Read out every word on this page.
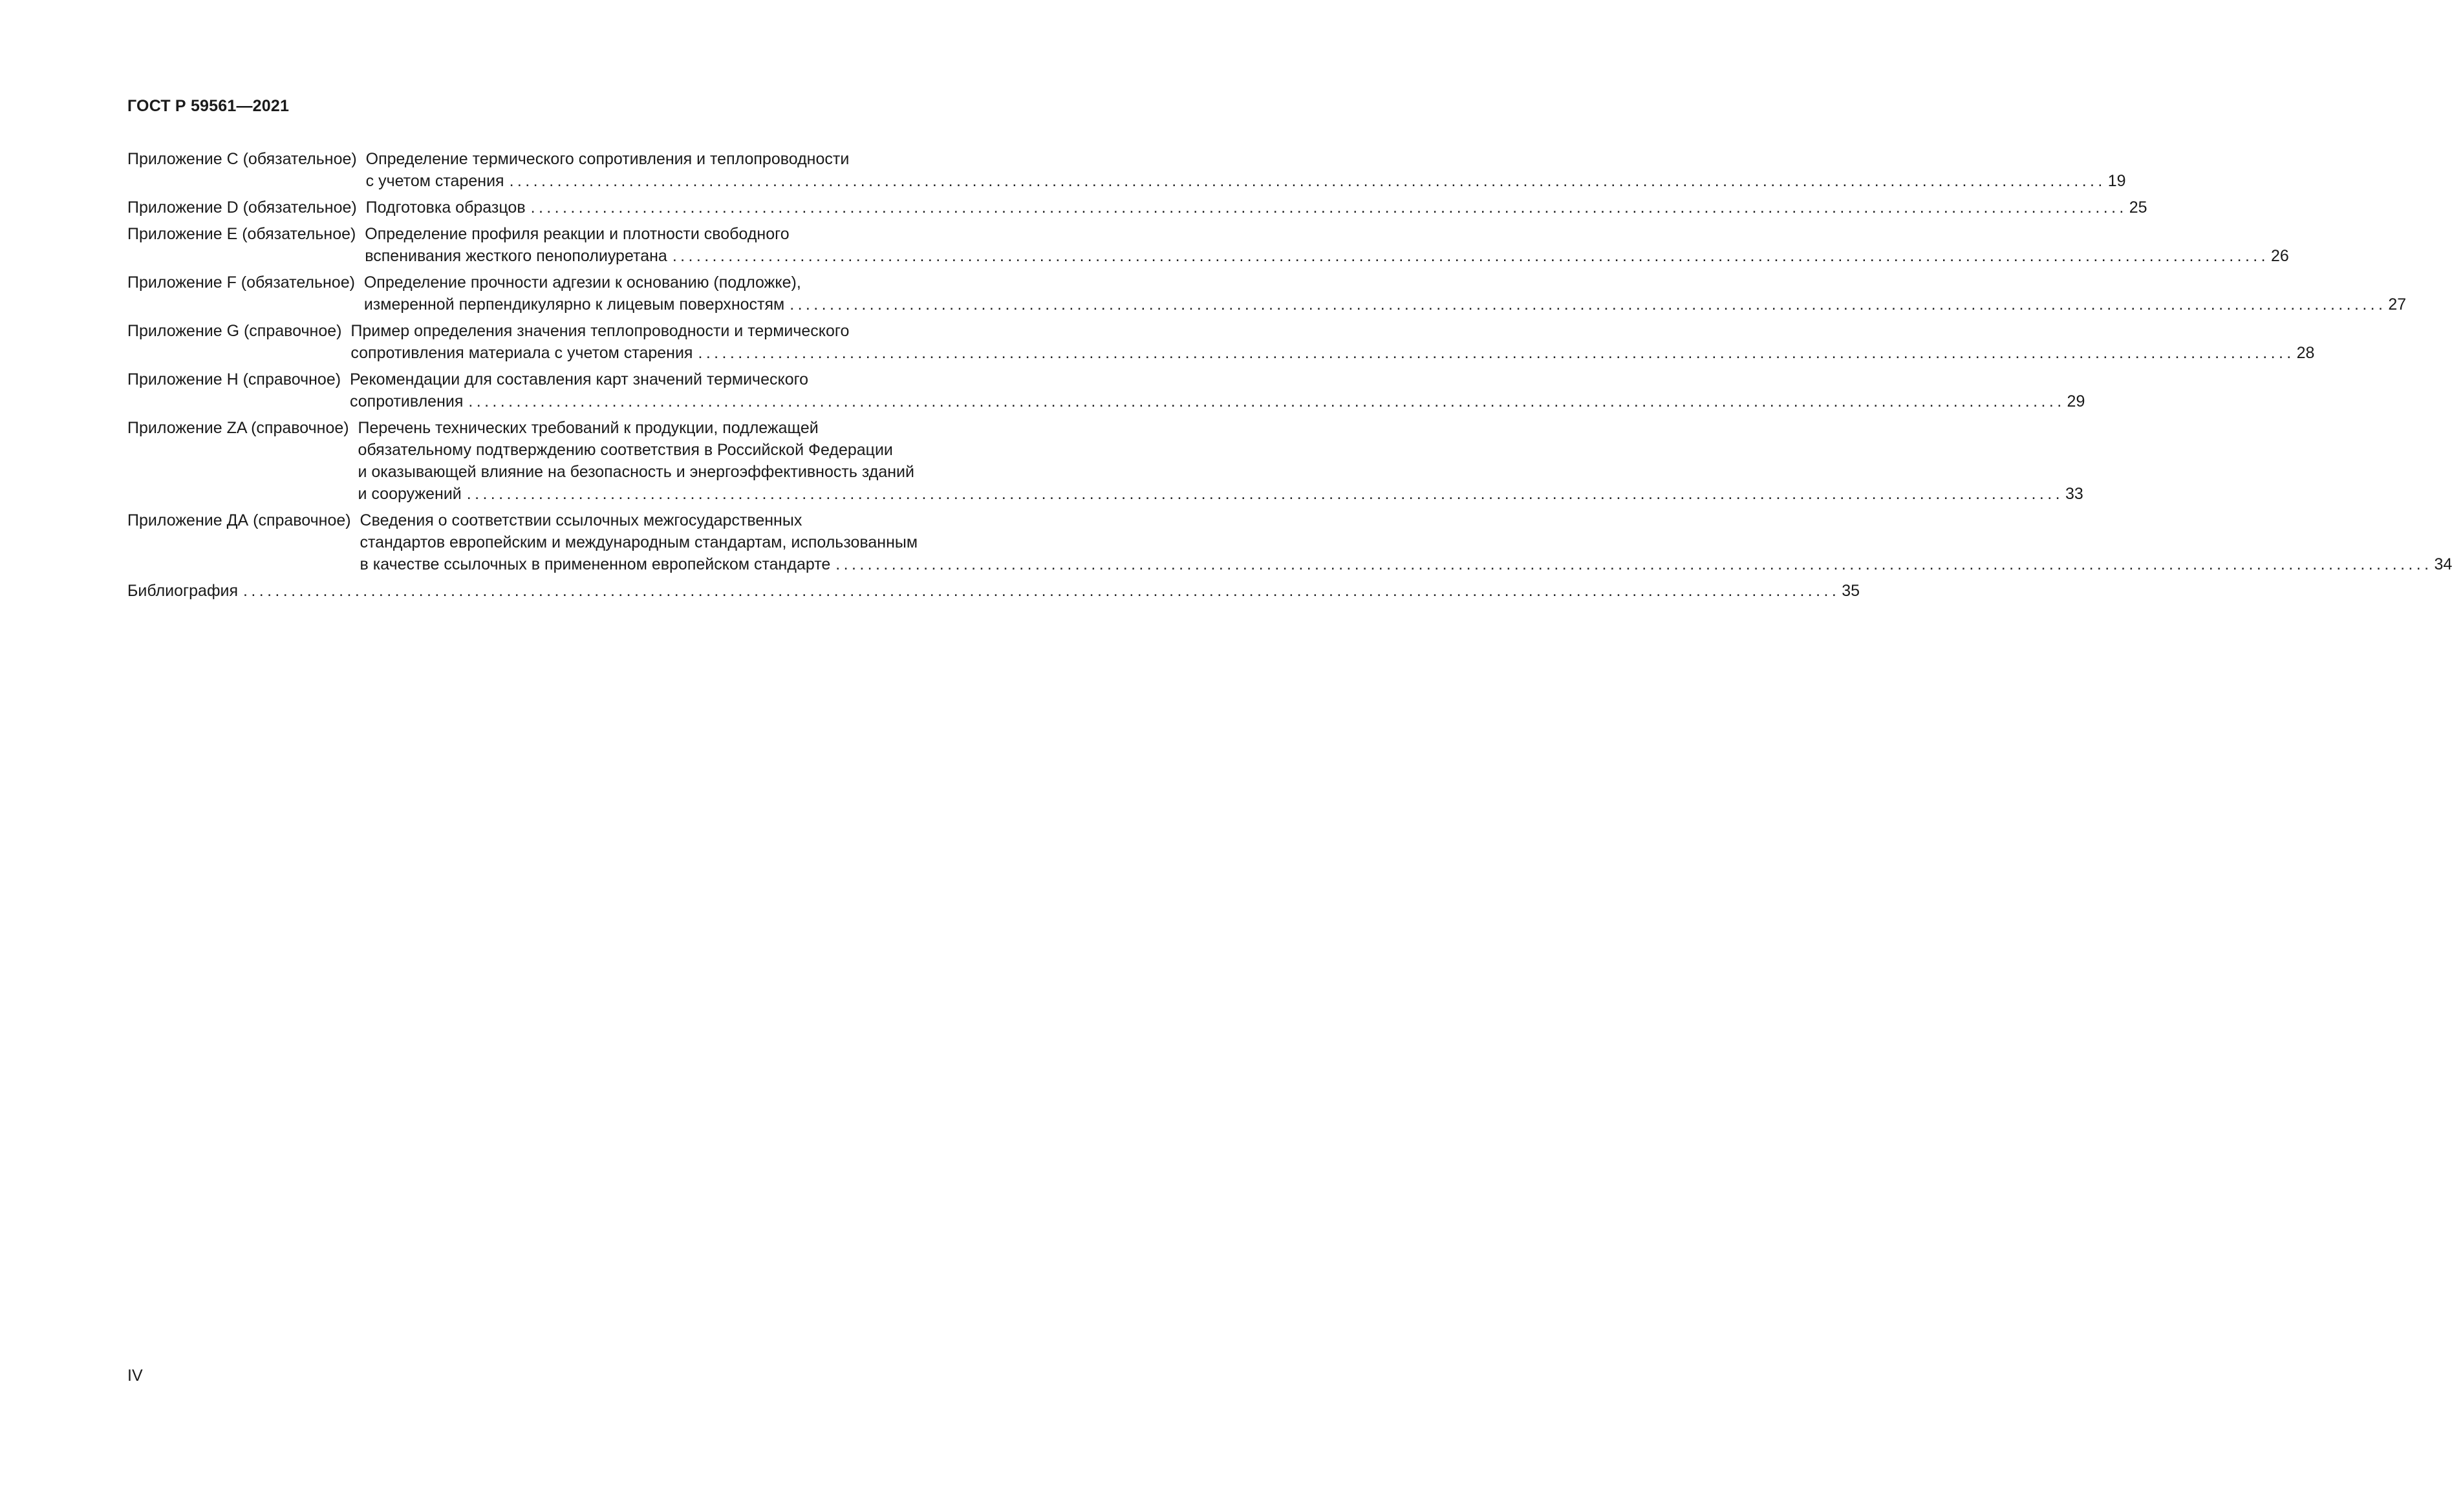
ГОСТ Р 59561—2021
Приложение С (обязательное) Определение термического сопротивления и теплопроводности
с учетом старения ........................................................................................................................................................................................................ 19
Приложение D (обязательное) Подготовка образцов ........................................................................................................................................................................................................ 25
Приложение E (обязательное) Определение профиля реакции и плотности свободного
вспенивания жесткого пенополиуретана ........................................................................................................................................................................................................ 26
Приложение F (обязательное) Определение прочности адгезии к основанию (подложке),
измеренной перпендикулярно к лицевым поверхностям ........................................................................................................................................................................................................ 27
Приложение G (справочное) Пример определения значения теплопроводности и термического
сопротивления материала с учетом старения ........................................................................................................................................................................................................ 28
Приложение H (справочное) Рекомендации для составления карт значений термического
сопротивления ........................................................................................................................................................................................................ 29
Приложение ZA (справочное) Перечень технических требований к продукции, подлежащей
обязательному подтверждению соответствия в Российской Федерации
и оказывающей влияние на безопасность и энергоэффективность зданий
и сооружений ........................................................................................................................................................................................................ 33
Приложение ДА (справочное) Сведения о соответствии ссылочных межгосударственных
стандартов европейским и международным стандартам, использованным
в качестве ссылочных в примененном европейском стандарте ........................................................................................................................................................................................................ 34
Библиография ........................................................................................................................................................................................................ 35
IV
